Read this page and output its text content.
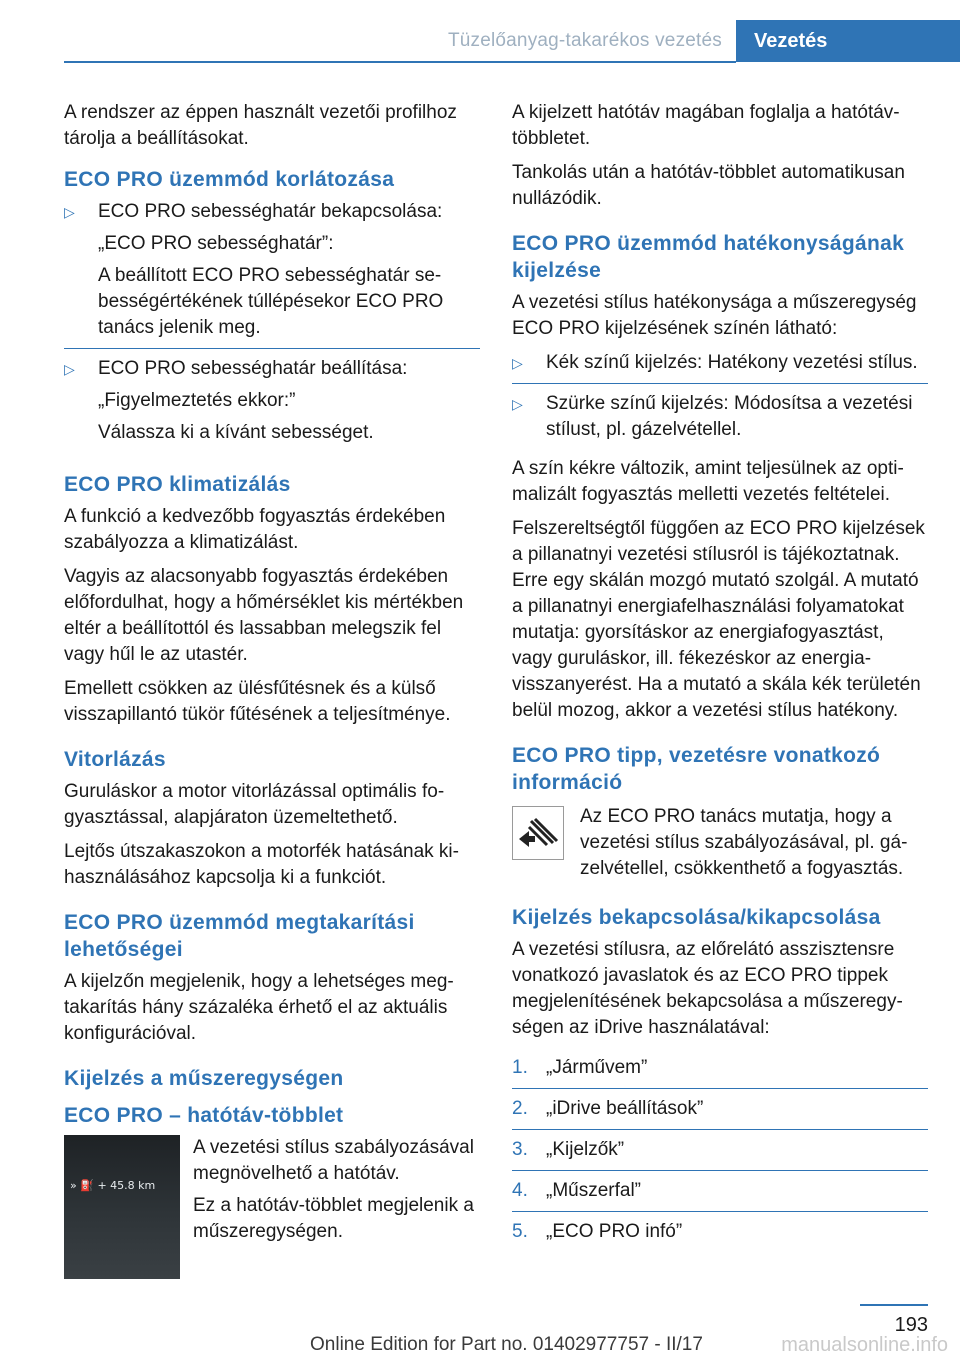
Tüzelőanyag-takarékos vezetés	Vezetés

A rendszer az éppen használt vezetői profilhoz tárolja a beállításokat.

ECO PRO üzemmód korlátozása
▷ ECO PRO sebességhatár bekapcsolása:
„ECO PRO sebességhatár”:
A beállított ECO PRO sebességhatár sebességértékének túllépésekor ECO PRO tanács jelenik meg.
▷ ECO PRO sebességhatár beállítása:
„Figyelmeztetés ekkor:”
Válassza ki a kívánt sebességet.
ECO PRO klimatizálás

A funkció a kedvezőbb fogyasztás érdekében szabályozza a klimatizálást.

Vagyis az alacsonyabb fogyasztás érdekében előfordulhat, hogy a hőmérséklet kis mértékben eltér a beállítottól és lassabban melegszik fel vagy hűl le az utastér.

Emellett csökken az ülésfűtésnek és a külső visszapillantó tükör fűtésének a teljesítménye.

Vitorlázás

Guruláskor a motor vitorlázással optimális fogyasztással, alapjáraton üzemeltethető.

Lejtős útszakaszokon a motorfék hatásának kihasználásához kapcsolja ki a funkciót.

ECO PRO üzemmód megtakarítási lehetőségei

A kijelzőn megjelenik, hogy a lehetséges megtakarítás hány százaléka érhető el az aktuális konfigurációval.

Kijelzés a műszeregységen
ECO PRO – hatótáv-többlet
» ⛽ + 45.8 km

A vezetési stílus szabályozásával megnövelhető a hatótáv.

Ez a hatótáv-többlet megjelenik a műszeregységen.

A kijelzett hatótáv magában foglalja a hatótáv-többletet.

Tankolás után a hatótáv-többlet automatikusan nullázódik.

ECO PRO üzemmód hatékonyságának kijelzése

A vezetési stílus hatékonysága a műszeregység ECO PRO kijelzésének színén látható:

▷ Kék színű kijelzés: Hatékony vezetési stílus.
▷ Szürke színű kijelzés: Módosítsa a vezetési stílust, pl. gázelvétellel.

A szín kékre változik, amint teljesülnek az optimalizált fogyasztás melletti vezetés feltételei.

Felszereltségtől függően az ECO PRO kijelzések a pillanatnyi vezetési stílusról is tájékoztatnak. Erre egy skálán mozgó mutató szolgál. A mutató a pillanatnyi energiafelhasználási folyamatokat mutatja: gyorsításkor az energiafogyasztást, vagy guruláskor, ill. fékezéskor az energia-visszanyerést. Ha a mutató a skála kék területén belül mozog, akkor a vezetési stílus hatékony.

ECO PRO tipp, vezetésre vonatkozó információ

Az ECO PRO tanács mutatja, hogy a vezetési stílus szabályozásával, pl. gázelvétellel, csökkenthető a fogyasztás.

Kijelzés bekapcsolása/kikapcsolása

A vezetési stílusra, az előrelátó asszisztensre vonatkozó javaslatok és az ECO PRO tippek megjelenítésének bekapcsolása a műszeregységen az iDrive használatával:

1. „Járművem”
2. „iDrive beállítások”
3. „Kijelzők”
4. „Műszerfal”
5. „ECO PRO infó”
193
manualsonline.info
Online Edition for Part no. 01402977757 - II/17
